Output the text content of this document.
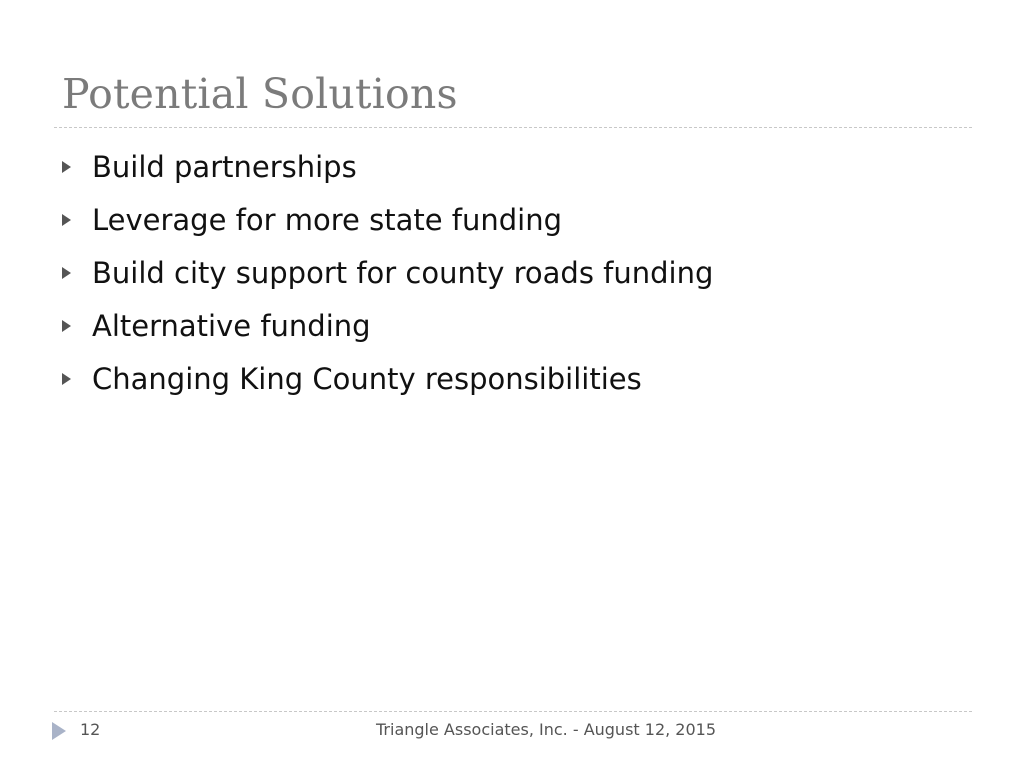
Potential Solutions
Build partnerships
Leverage for more state funding
Build city support for county roads funding
Alternative funding
Changing King County responsibilities
12	Triangle Associates, Inc. - August 12, 2015
